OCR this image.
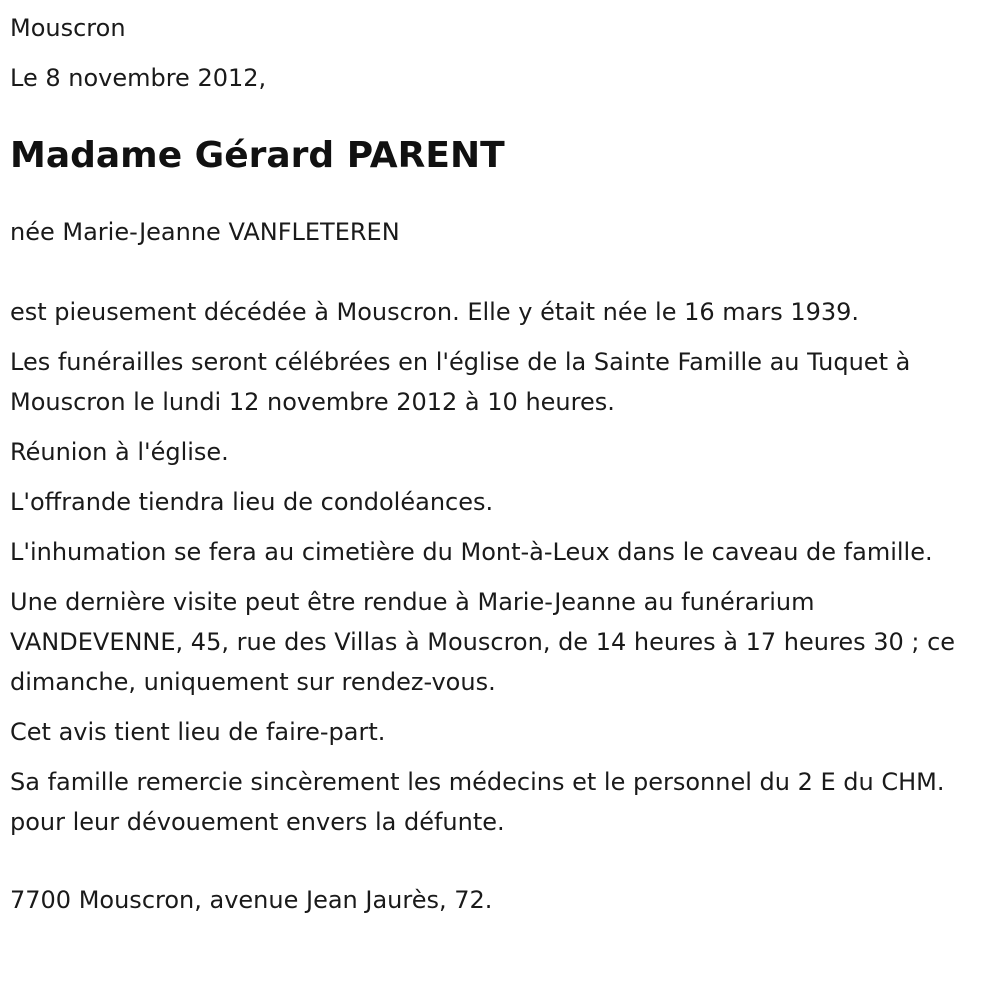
Mouscron

Le 8 novembre 2012,

Madame Gérard PARENT

née Marie-Jeanne VANFLETEREN

est pieusement décédée à Mouscron. Elle y était née le 16 mars 1939.

Les funérailles seront célébrées en l'église de la Sainte Famille au Tuquet à Mouscron le lundi 12 novembre 2012 à 10 heures.

Réunion à l'église.

L'offrande tiendra lieu de condoléances.

L'inhumation se fera au cimetière du Mont-à-Leux dans le caveau de famille.

Une dernière visite peut être rendue à Marie-Jeanne au funérarium VANDEVENNE, 45, rue des Villas à Mouscron, de 14 heures à 17 heures 30 ; ce dimanche, uniquement sur rendez-vous.

Cet avis tient lieu de faire-part.

Sa famille remercie sincèrement les médecins et le personnel du 2 E du CHM. pour leur dévouement envers la défunte.

7700 Mouscron, avenue Jean Jaurès, 72.
